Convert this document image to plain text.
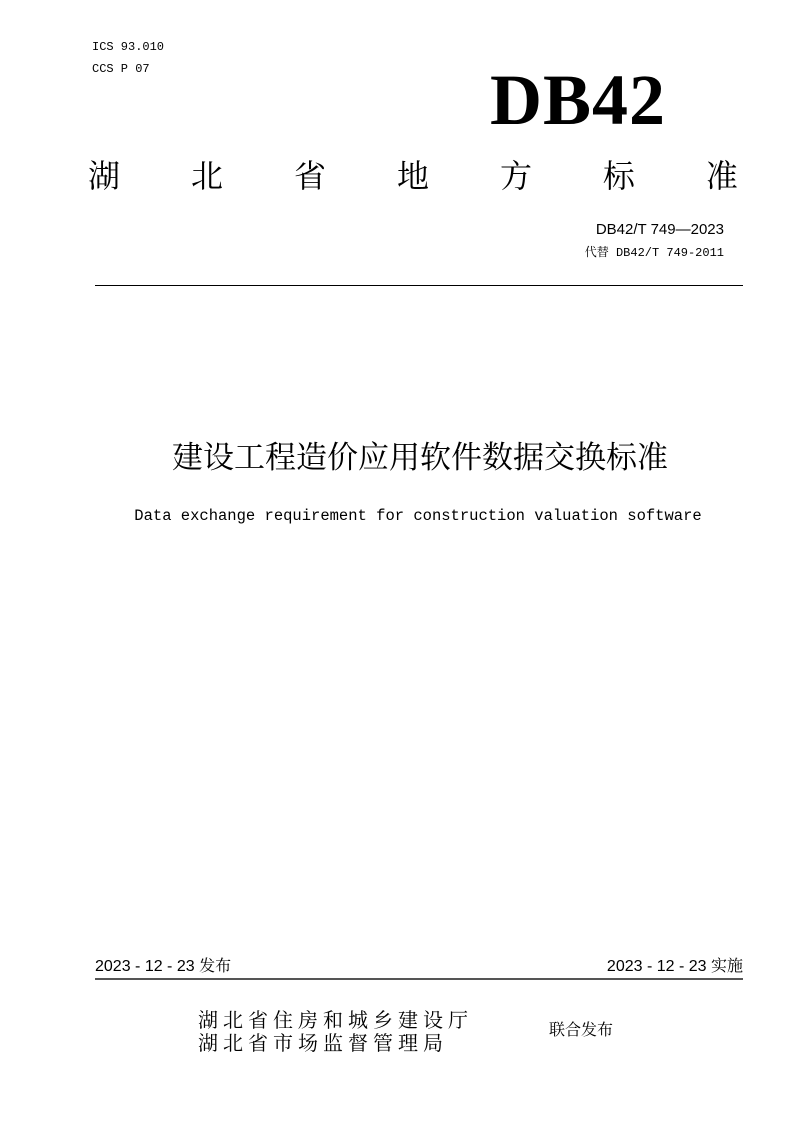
ICS 93.010
CCS P 07	DB42
湖 北 省 地 方 标 准
DB42/T 749—2023
代替 DB42/T 749-2011
建设工程造价应用软件数据交换标准
Data exchange requirement for construction valuation software
2023 - 12 - 23 发布	2023 - 12 - 23 实施
湖北省住房和城乡建设厅
湖北省市场监督管理局
联合发布
